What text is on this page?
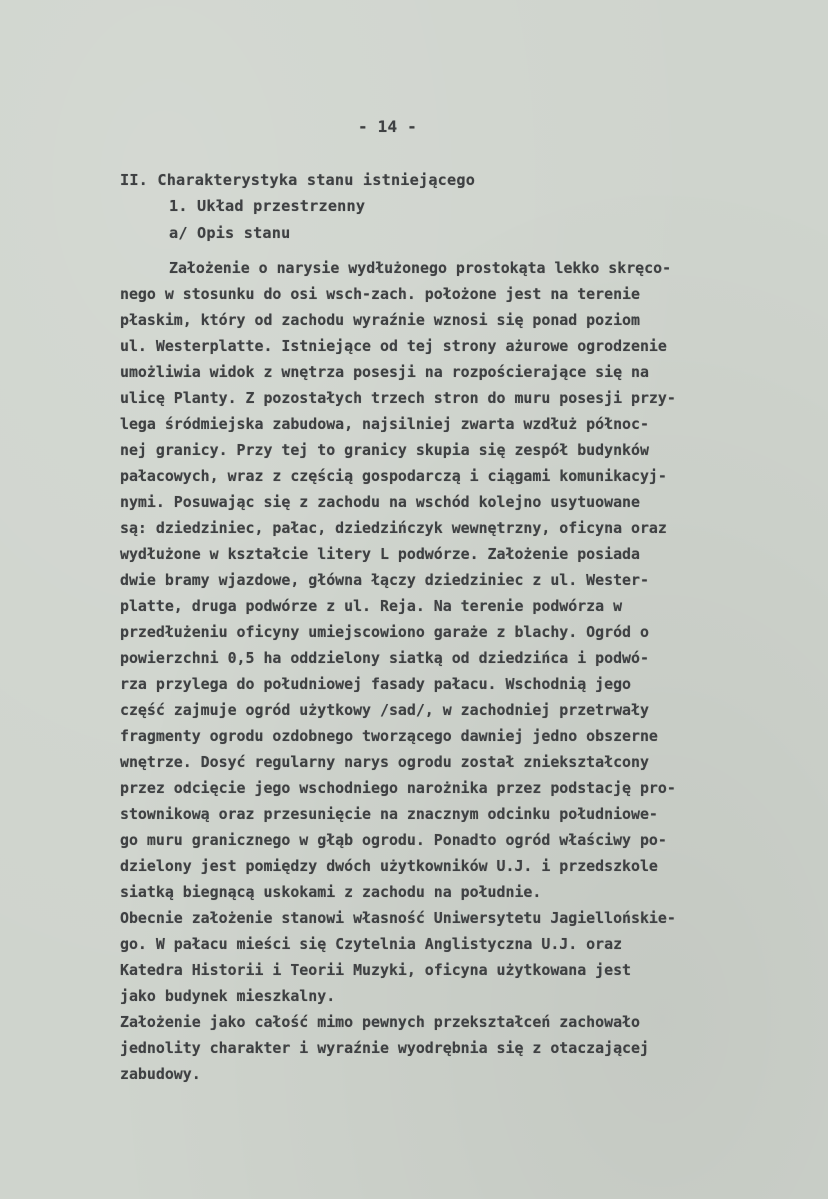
- 14 -
II. Charakterystyka stanu istniejącego
1. Układ przestrzenny
a/ Opis stanu
Założenie o narysie wydłużonego prostokąta lekko skręco-
nego w stosunku do osi wsch-zach. położone jest na terenie
płaskim, który od zachodu wyraźnie wznosi się ponad poziom
ul. Westerplatte. Istniejące od tej strony ażurowe ogrodzenie
umożliwia widok z wnętrza posesji na rozpościerające się na
ulicę Planty. Z pozostałych trzech stron do muru posesji przy-
lega śródmiejska zabudowa, najsilniej zwarta wzdłuż północ-
nej granicy. Przy tej to granicy skupia się zespół budynków
pałacowych, wraz z częścią gospodarczą i ciągami komunikacyj-
nymi. Posuwając się z zachodu na wschód kolejno usytuowane
są: dziedziniec, pałac, dziedzińczyk wewnętrzny, oficyna oraz
wydłużone w kształcie litery L podwórze. Założenie posiada
dwie bramy wjazdowe, główna łączy dziedziniec z ul. Wester-
platte, druga podwórze z ul. Reja. Na terenie podwórza w
przedłużeniu oficyny umiejscowiono garaże z blachy. Ogród o
powierzchni 0,5 ha oddzielony siatką od dziedzińca i podwó-
rza przylega do południowej fasady pałacu. Wschodnią jego
część zajmuje ogród użytkowy /sad/, w zachodniej przetrwały
fragmenty ogrodu ozdobnego tworzącego dawniej jedno obszerne
wnętrze. Dosyć regularny narys ogrodu został zniekształcony
przez odcięcie jego wschodniego narożnika przez podstację pro-
stownikową oraz przesunięcie na znacznym odcinku południowe-
go muru granicznego w głąb ogrodu. Ponadto ogród właściwy po-
dzielony jest pomiędzy dwóch użytkowników U.J. i przedszkole
siatką biegnącą uskokami z zachodu na południe.
Obecnie założenie stanowi własność Uniwersytetu Jagiellońskie-
go. W pałacu mieści się Czytelnia Anglistyczna U.J. oraz
Katedra Historii i Teorii Muzyki, oficyna użytkowana jest
jako budynek mieszkalny.
Założenie jako całość mimo pewnych przekształceń zachowało
jednolity charakter i wyraźnie wyodrębnia się z otaczającej
zabudowy.
